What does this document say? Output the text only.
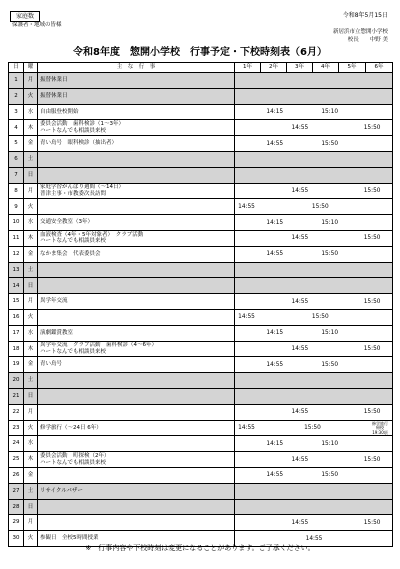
家庭数
保護者・地域の皆様
令和8年5月15日
新居浜市立惣開小学校
校長　　中野 美
令和8年度　惣開小学校　行事予定・下校時刻表（6月）
日	曜	主　な　行　事	1年	2年	3年	4年	5年	6年
1	月	振替休業日						

2	火	振替休業日						

3	水	自由服登校開始	14:15 15:10					

4	木	委員会活動　歯科検診（1〜3年）
ハートなんでも相談員来校	14:55 15:50					

5	金	青い鳥号　眼科検診（抽出者）	14:55 15:50					

6	土							
7	日							
8	月	家庭学習がんばり週間（〜14日）
普津主事・市教委次長訪問	14:55 15:50					

9	火		14:55 15:50					

10	水	交通安全教室（3年）	14:15 15:10					

11	木	血液検査（4年・5年対象者）　クラブ活動
ハートなんでも相談員来校	14:55 15:50					

12	金	なかま集会　代表委員会	14:55 15:50					

13	土							
14	日							
15	月	異学年交流	14:55 15:50					

16	火		14:55 15:50					

17	水	演劇鑑賞教室	14:15 15:10					

18	木	異学年交流　クラブ活動　歯科検診（4〜6年）
ハートなんでも相談員来校	14:55 15:50					

19	金	青い鳥号	14:55 15:50					

20	土							
21	日							
22	月		14:55 15:50					

23	火	修学旅行（〜24日 6年）	14:55 15:50
修学旅行
帰校
19:30頃					

24	水		14:15 15:10					

25	木	委員会活動　町探検（2年）
ハートなんでも相談員来校	14:55 15:50					

26	金		14:55 15:50					

27	土	リサイクルバザー						

28	日							
29	月		14:55 15:50					

30	火	参観日　全校5時間授業	14:55					
※　行事内容や下校時刻は変更になることがあります。ご了承ください。
